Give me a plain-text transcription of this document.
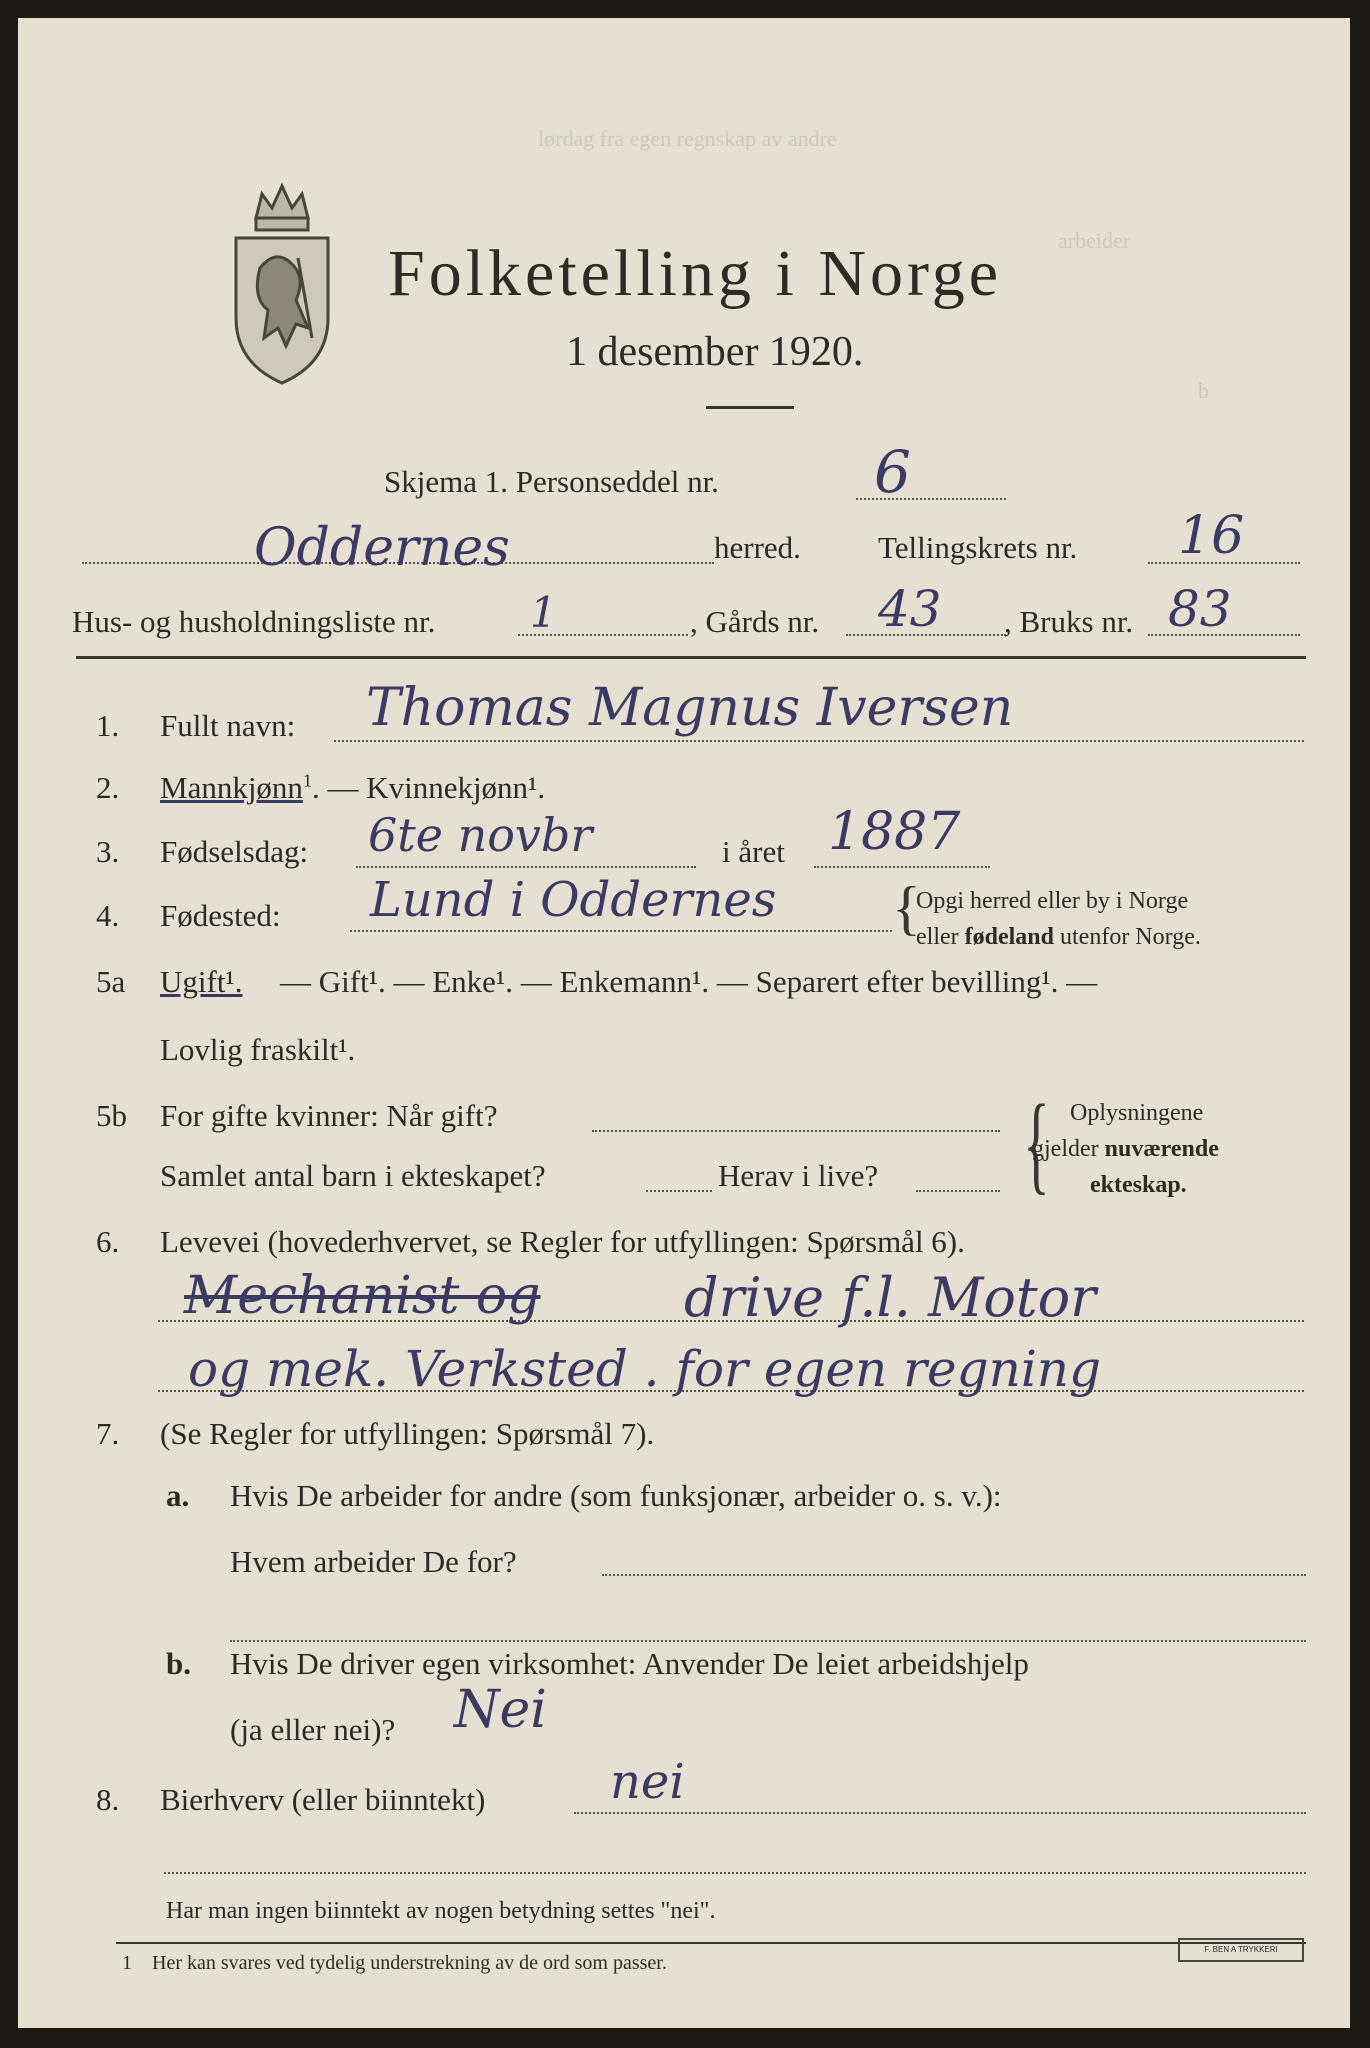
lørdag fra egen regnskap av andre
arbeider
b
Folketelling i Norge
1 desember 1920.
Skjema 1. Personseddel nr.	6
Oddernes	herred. Tellingskrets nr. 16
Hus- og husholdningsliste nr. 1	, Gårds nr. 43 , Bruks nr. 83
1. Fullt navn: Thomas Magnus Iversen
2. Mannkjønn$^1$. — Kvinnekjønn¹.
3. Fødselsdag: 6te novbr	i året 1887
4. Fødested: Lund i Oddernes {
Opgi herred eller by i Norge
eller fødeland utenfor Norge.
5a Ugift¹. — Gift¹. — Enke¹. — Enkemann¹. — Separert efter bevilling¹. —
Lovlig fraskilt¹.
5b For gifte kvinner: Når gift?
Samlet antal barn i ekteskapet?	Herav i live? { Oplysningene
gjelder nuværende
ekteskap.
6. Levevei (hovederhvervet, se Regler for utfyllingen: Spørsmål 6).
Mechanist og	drive f.l. Motor
og mek. Verksted . for egen regning
7. (Se Regler for utfyllingen: Spørsmål 7).
a. Hvis De arbeider for andre (som funksjonær, arbeider o. s. v.):
Hvem arbeider De for?
b. Hvis De driver egen virksomhet: Anvender De leiet arbeidshjelp
(ja eller nei)? Nei
8. Bierhverv (eller biinntekt)	nei
Har man ingen biinntekt av nogen betydning settes "nei".
1 Her kan svares ved tydelig understrekning av de ord som passer.
F. BEN A TRYKKERI
